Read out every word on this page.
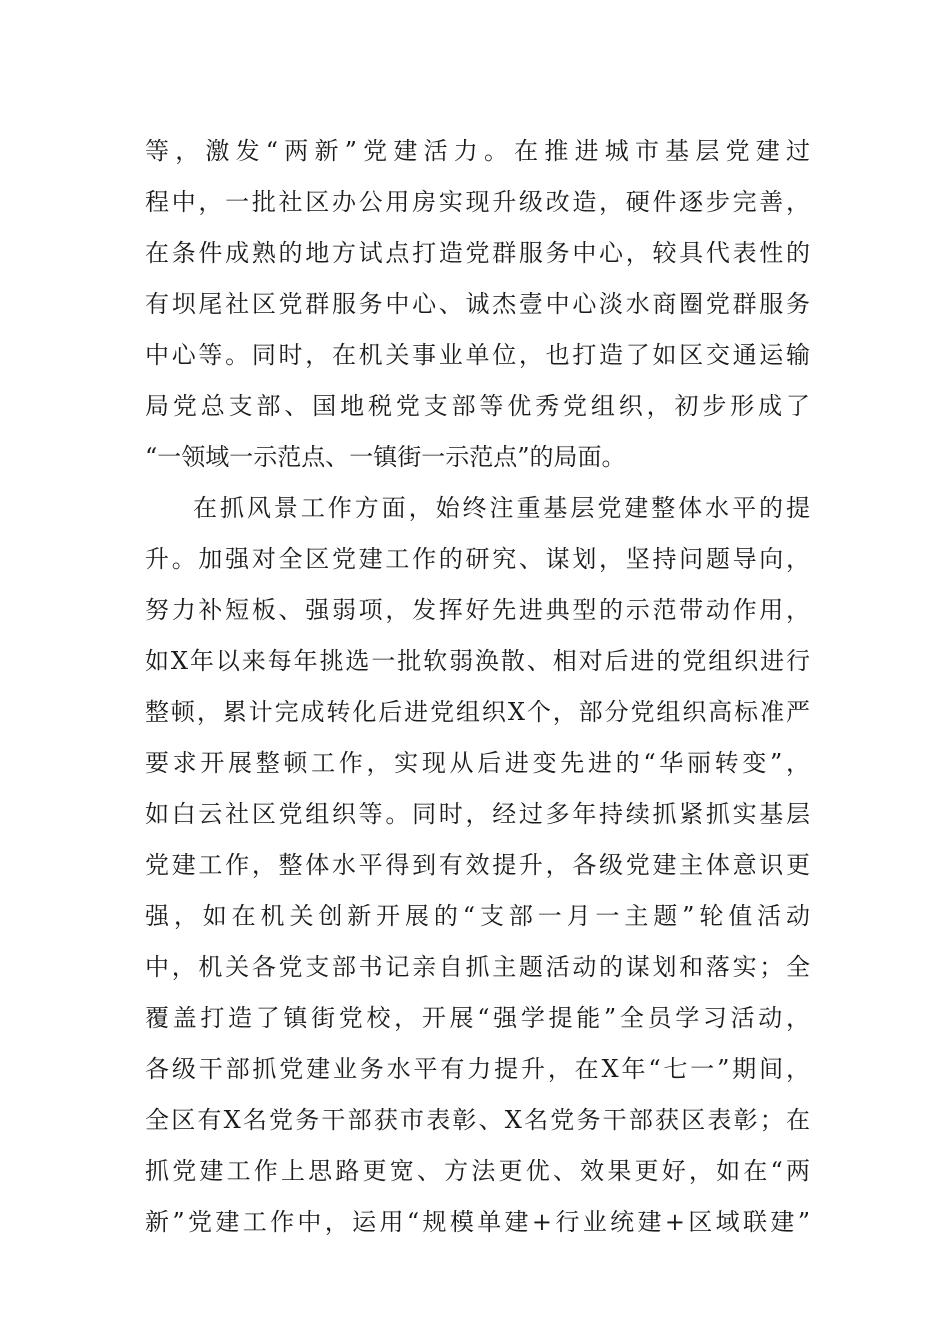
等，激发“两新”党建活力。在推进城市基层党建过
程中，一批社区办公用房实现升级改造，硬件逐步完善，
在条件成熟的地方试点打造党群服务中心，较具代表性的
有坝尾社区党群服务中心、诚杰壹中心淡水商圈党群服务
中心等。同时，在机关事业单位，也打造了如区交通运输
局党总支部、国地税党支部等优秀党组织，初步形成了
“一领域一示范点、一镇街一示范点”的局面。
在抓风景工作方面，始终注重基层党建整体水平的提
升。加强对全区党建工作的研究、谋划，坚持问题导向，
努力补短板、强弱项，发挥好先进典型的示范带动作用，
如X年以来每年挑选一批软弱涣散、相对后进的党组织进行
整顿，累计完成转化后进党组织X个，部分党组织高标准严
要求开展整顿工作，实现从后进变先进的“华丽转变”，
如白云社区党组织等。同时，经过多年持续抓紧抓实基层
党建工作，整体水平得到有效提升，各级党建主体意识更
强，如在机关创新开展的“支部一月一主题”轮值活动
中，机关各党支部书记亲自抓主题活动的谋划和落实；全
覆盖打造了镇街党校，开展“强学提能”全员学习活动，
各级干部抓党建业务水平有力提升，在X年“七一”期间，
全区有X名党务干部获市表彰、X名党务干部获区表彰；在
抓党建工作上思路更宽、方法更优、效果更好，如在“两
新”党建工作中，运用“规模单建+行业统建+区域联建”
